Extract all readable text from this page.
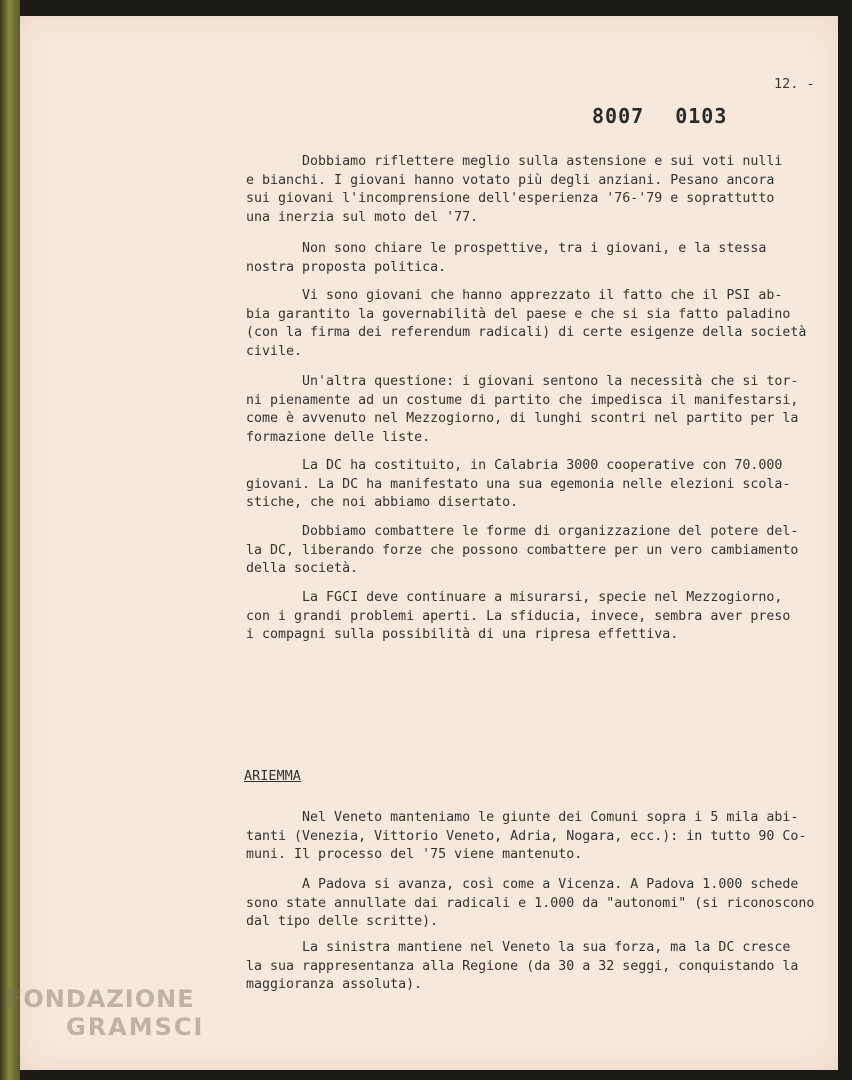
12. -
8007 0103

Dobbiamo riflettere meglio sulla astensione e sui voti nulli
e bianchi. I giovani hanno votato più degli anziani. Pesano ancora
sui giovani l'incomprensione dell'esperienza '76-'79 e soprattutto
una inerzia sul moto del '77.

Non sono chiare le prospettive, tra i giovani, e la stessa
nostra proposta politica.

Vi sono giovani che hanno apprezzato il fatto che il PSI ab-
bia garantito la governabilità del paese e che si sia fatto paladino
(con la firma dei referendum radicali) di certe esigenze della società
civile.

Un'altra questione: i giovani sentono la necessità che si tor-
ni pienamente ad un costume di partito che impedisca il manifestarsi,
come è avvenuto nel Mezzogiorno, di lunghi scontri nel partito per la
formazione delle liste.

La DC ha costituito, in Calabria 3000 cooperative con 70.000
giovani. La DC ha manifestato una sua egemonia nelle elezioni scola-
stiche, che noi abbiamo disertato.

Dobbiamo combattere le forme di organizzazione del potere del-
la DC, liberando forze che possono combattere per un vero cambiamento
della società.

La FGCI deve continuare a misurarsi, specie nel Mezzogiorno,
con i grandi problemi aperti. La sfiducia, invece, sembra aver preso
i compagni sulla possibilità di una ripresa effettiva.

ARIEMMA

Nel Veneto manteniamo le giunte dei Comuni sopra i 5 mila abi-
tanti (Venezia, Vittorio Veneto, Adria, Nogara, ecc.): in tutto 90 Co-
muni. Il processo del '75 viene mantenuto.

A Padova si avanza, così come a Vicenza. A Padova 1.000 schede
sono state annullate dai radicali e 1.000 da "autonomi" (si riconoscono
dal tipo delle scritte).

La sinistra mantiene nel Veneto la sua forza, ma la DC cresce
la sua rappresentanza alla Regione (da 30 a 32 seggi, conquistando la
maggioranza assoluta).

FONDAZIONE
GRAMSCI
